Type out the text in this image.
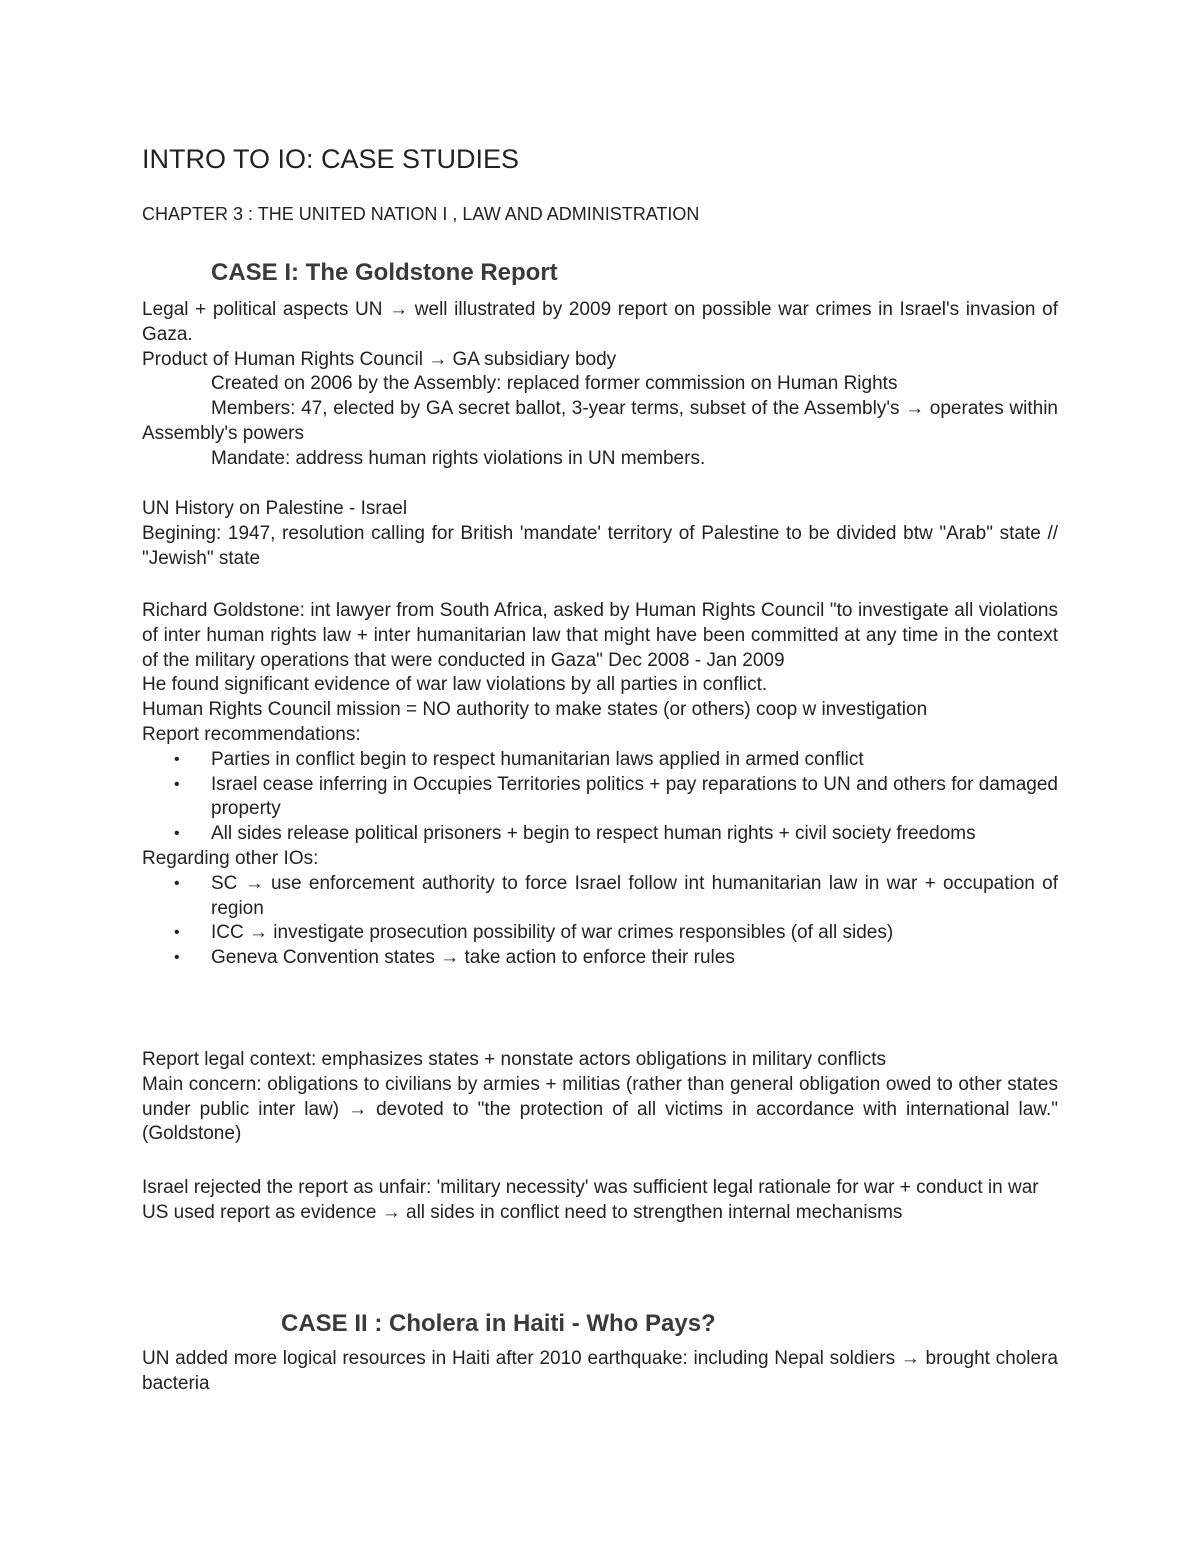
INTRO TO IO: CASE STUDIES
CHAPTER 3 : THE UNITED NATION I , LAW AND ADMINISTRATION
CASE I: The Goldstone Report

Legal + political aspects UN → well illustrated by 2009 report on possible war crimes in Israel's invasion of Gaza.

Product of Human Rights Council → GA subsidiary body

Created on 2006 by the Assembly: replaced former commission on Human Rights

Members: 47, elected by GA secret ballot, 3-year terms, subset of the Assembly's → operates within Assembly's powers

Mandate: address human rights violations in UN members.

UN History on Palestine - Israel

Begining: 1947, resolution calling for British 'mandate' territory of Palestine to be divided btw "Arab" state // "Jewish" state

Richard Goldstone: int lawyer from South Africa, asked by Human Rights Council "to investigate all violations of inter human rights law + inter humanitarian law that might have been committed at any time in the context of the military operations that were conducted in Gaza" Dec 2008 - Jan 2009

He found significant evidence of war law violations by all parties in conflict.

Human Rights Council mission = NO authority to make states (or others) coop w investigation

Report recommendations:

• Parties in conflict begin to respect humanitarian laws applied in armed conflict
• Israel cease inferring in Occupies Territories politics + pay reparations to UN and others for damaged property
• All sides release political prisoners + begin to respect human rights + civil society freedoms

Regarding other IOs:

• SC → use enforcement authority to force Israel follow int humanitarian law in war + occupation of region
• ICC → investigate prosecution possibility of war crimes responsibles (of all sides)
• Geneva Convention states → take action to enforce their rules

Report legal context: emphasizes states + nonstate actors obligations in military conflicts

Main concern: obligations to civilians by armies + militias (rather than general obligation owed to other states under public inter law) → devoted to "the protection of all victims in accordance with international law." (Goldstone)

Israel rejected the report as unfair: 'military necessity' was sufficient legal rationale for war + conduct in war

US used report as evidence → all sides in conflict need to strengthen internal mechanisms

CASE II : Cholera in Haiti - Who Pays?

UN added more logical resources in Haiti after 2010 earthquake: including Nepal soldiers → brought cholera bacteria
